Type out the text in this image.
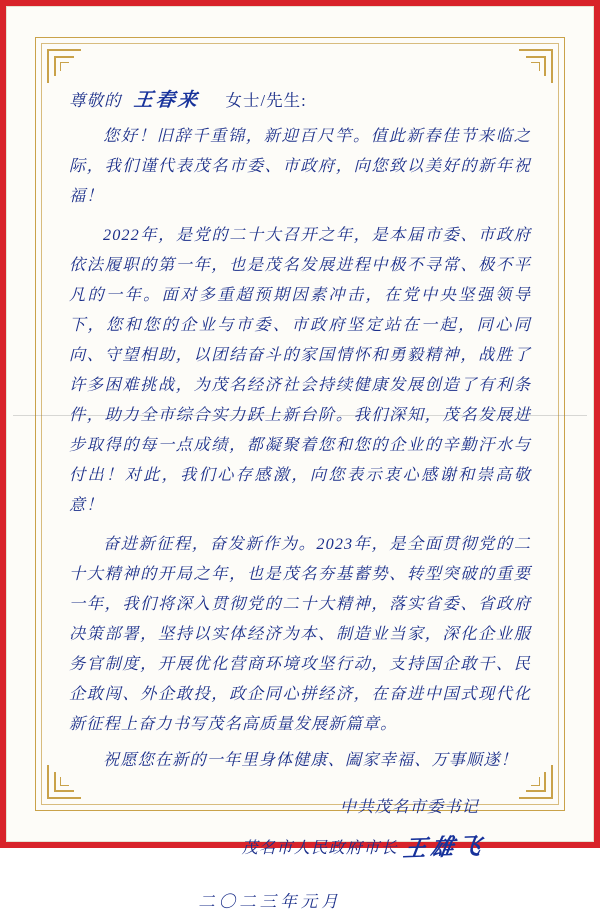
尊敬的 王春来	女士/先生:

您好！旧辞千重锦，新迎百尺竿。值此新春佳节来临之际，我们谨代表茂名市委、市政府，向您致以美好的新年祝福！

2022年，是党的二十大召开之年，是本届市委、市政府依法履职的第一年，也是茂名发展进程中极不寻常、极不平凡的一年。面对多重超预期因素冲击，在党中央坚强领导下，您和您的企业与市委、市政府坚定站在一起，同心同向、守望相助，以团结奋斗的家国情怀和勇毅精神，战胜了许多困难挑战，为茂名经济社会持续健康发展创造了有利条件，助力全市综合实力跃上新台阶。我们深知，茂名发展进步取得的每一点成绩，都凝聚着您和您的企业的辛勤汗水与付出！对此，我们心存感激，向您表示衷心感谢和崇高敬意！

奋进新征程，奋发新作为。2023年，是全面贯彻党的二十大精神的开局之年，也是茂名夯基蓄势、转型突破的重要一年，我们将深入贯彻党的二十大精神，落实省委、省政府决策部署，坚持以实体经济为本、制造业当家，深化企业服务官制度，开展优化营商环境攻坚行动，支持国企敢干、民企敢闯、外企敢投，政企同心拼经济，在奋进中国式现代化新征程上奋力书写茂名高质量发展新篇章。

祝愿您在新的一年里身体健康、阖家幸福、万事顺遂！

中共茂名市委书记
茂名市人民政府市长 王雄飞
二〇二三年元月
